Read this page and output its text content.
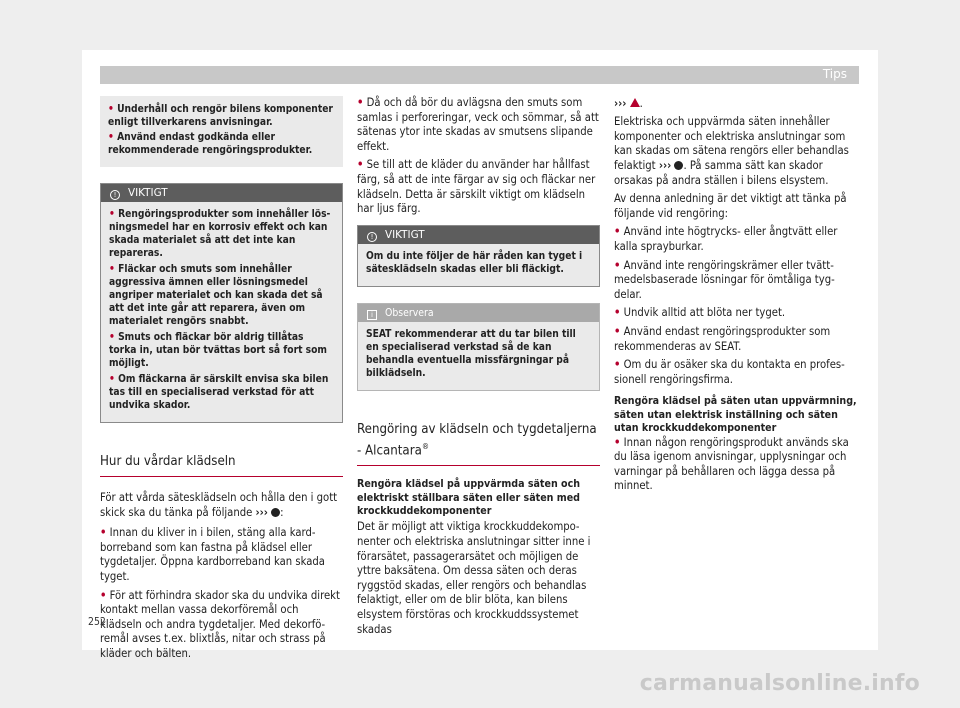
Tips

• Underhåll och rengör bilens komponenter enligt tillverkarens anvisningar.

• Använd endast godkända eller rekommenderade rengöringsprodukter.

! VIKTIGT

• Rengöringsprodukter som innehåller lösningsmedel har en korrosiv effekt och kan skada materialet så att det inte kan repareras.

• Fläckar och smuts som innehåller aggressiva ämnen eller lösningsmedel angriper materialet och kan skada det så att det inte går att reparera, även om materialet rengörs snabbt.

• Smuts och fläckar bör aldrig tillåtas torka in, utan bör tvättas bort så fort som möjligt.

• Om fläckarna är särskilt envisa ska bilen tas till en specialiserad verkstad för att undvika skador.

Hur du vårdar klädseln

För att vårda sätesklädseln och hålla den i gott skick ska du tänka på följande ››› :

• Innan du kliver in i bilen, stäng alla kardborreband som kan fastna på klädsel eller tygdetaljer. Öppna kardborreband kan skada tyget.

• För att förhindra skador ska du undvika direkt kontakt mellan vassa dekorföremål och klädseln och andra tygdetaljer. Med dekorföremål avses t.ex. blixtlås, nitar och strass på kläder och bälten.

• Då och då bör du avlägsna den smuts som samlas i perforeringar, veck och sömmar, så att sätenas ytor inte skadas av smutsens slipande effekt.

• Se till att de kläder du använder har hållfast färg, så att de inte färgar av sig och fläckar ner klädseln. Detta är särskilt viktigt om klädseln har ljus färg.

! VIKTIGT

Om du inte följer de här råden kan tyget i sätesklädseln skadas eller bli fläckigt.

i Observera

SEAT rekommenderar att du tar bilen till en specialiserad verkstad så de kan behandla eventuella missfärgningar på bilklädseln.

Rengöring av klädseln och tygdetaljerna - Alcantara®

Rengöra klädsel på uppvärmda säten och elektriskt ställbara säten eller säten med krockkuddekomponenter

Det är möjligt att viktiga krockkuddekomponenter och elektriska anslutningar sitter inne i förarsätet, passagerarsätet och möjligen de yttre baksätena. Om dessa säten och deras ryggstöd skadas, eller rengörs och behandlas felaktigt, eller om de blir blöta, kan bilens elsystem förstöras och krockkuddssystemet skadas

››› .

Elektriska och uppvärmda säten innehåller komponenter och elektriska anslutningar som kan skadas om sätena rengörs eller behandlas felaktigt ››› . På samma sätt kan skador orsakas på andra ställen i bilens elsystem.

Av denna anledning är det viktigt att tänka på följande vid rengöring:

• Använd inte högtrycks- eller ångtvätt eller kalla sprayburkar.

• Använd inte rengöringskrämer eller tvättmedelsbaserade lösningar för ömtåliga tygdelar.

• Undvik alltid att blöta ner tyget.

• Använd endast rengöringsprodukter som rekommenderas av SEAT.

• Om du är osäker ska du kontakta en professionell rengöringsfirma.

Rengöra klädsel på säten utan uppvärmning, säten utan elektrisk inställning och säten utan krockkuddekomponenter

• Innan någon rengöringsprodukt används ska du läsa igenom anvisningar, upplysningar och varningar på behållaren och lägga dessa på minnet.

252
carmanualsonline.info
